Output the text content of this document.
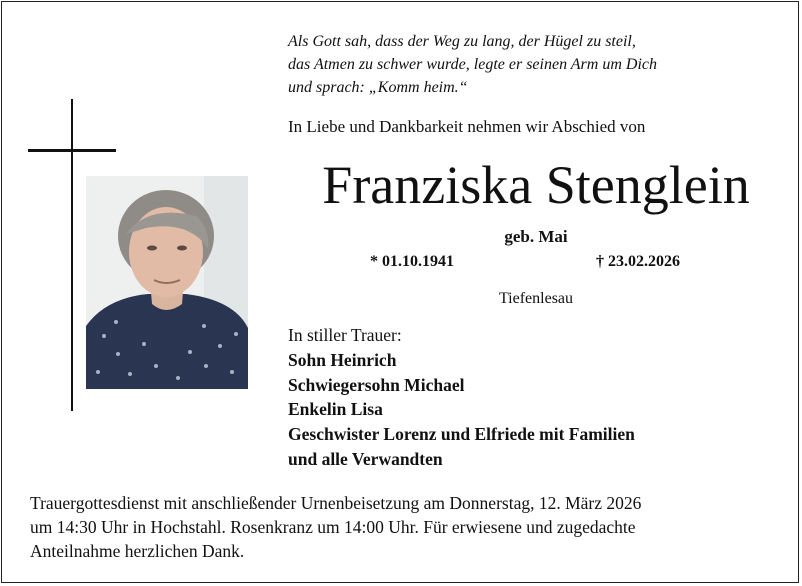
Als Gott sah, dass der Weg zu lang, der Hügel zu steil,
das Atmen zu schwer wurde, legte er seinen Arm um Dich
und sprach: „Komm heim.“
In Liebe und Dankbarkeit nehmen wir Abschied von
Franziska Stenglein
geb. Mai
* 01.10.1941	† 23.02.2026
Tiefenlesau
In stiller Trauer:
Sohn Heinrich
Schwiegersohn Michael
Enkelin Lisa
Geschwister Lorenz und Elfriede mit Familien
und alle Verwandten
Trauergottesdienst mit anschließender Urnenbeisetzung am Donnerstag, 12. März 2026
um 14:30 Uhr in Hochstahl. Rosenkranz um 14:00 Uhr. Für erwiesene und zugedachte
Anteilnahme herzlichen Dank.
